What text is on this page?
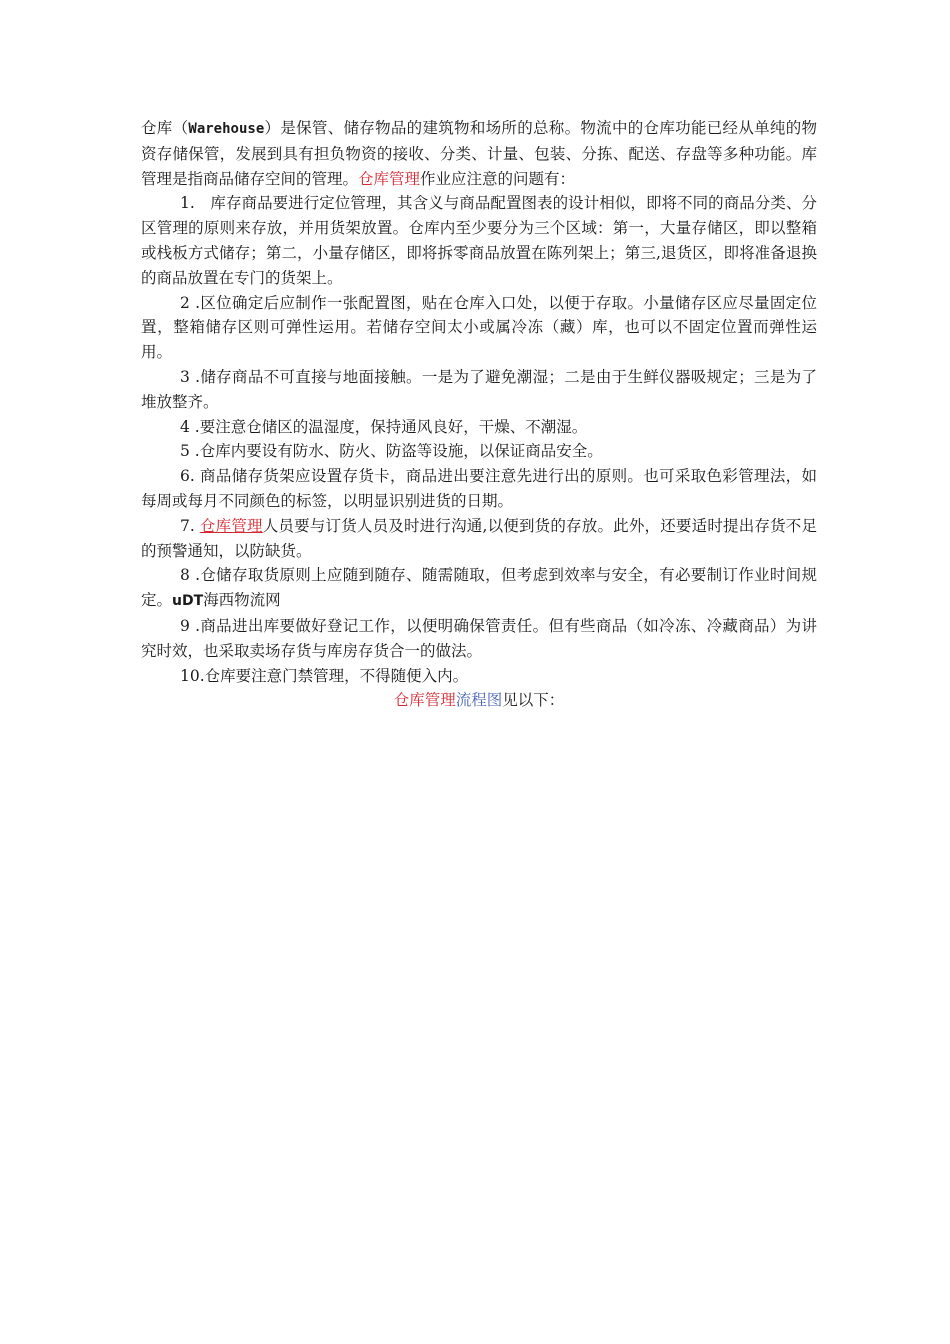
仓库（Warehouse）是保管、储存物品的建筑物和场所的总称。物流中的仓库功能已经从单纯的物资存储保管，发展到具有担负物资的接收、分类、计量、包装、分拣、配送、存盘等多种功能。库管理是指商品储存空间的管理。仓库管理作业应注意的问题有：

1.　库存商品要进行定位管理，其含义与商品配置图表的设计相似，即将不同的商品分类、分区管理的原则来存放，并用货架放置。仓库内至少要分为三个区域：第一，大量存储区，即以整箱或栈板方式储存；第二，小量存储区，即将拆零商品放置在陈列架上；第三,退货区，即将准备退换的商品放置在专门的货架上。

2 .区位确定后应制作一张配置图，贴在仓库入口处，以便于存取。小量储存区应尽量固定位置，整箱储存区则可弹性运用。若储存空间太小或属冷冻（藏）库，也可以不固定位置而弹性运用。

3 .储存商品不可直接与地面接触。一是为了避免潮湿；二是由于生鲜仪器吸规定；三是为了堆放整齐。

4 .要注意仓储区的温湿度，保持通风良好，干燥、不潮湿。

5 .仓库内要设有防水、防火、防盗等设施，以保证商品安全。

6. 商品储存货架应设置存货卡，商品进出要注意先进行出的原则。也可采取色彩管理法，如每周或每月不同颜色的标签，以明显识别进货的日期。

7. 仓库管理人员要与订货人员及时进行沟通,以便到货的存放。此外，还要适时提出存货不足的预警通知，以防缺货。

8 .仓储存取货原则上应随到随存、随需随取，但考虑到效率与安全，有必要制订作业时间规定。uDT海西物流网

9 .商品进出库要做好登记工作，以便明确保管责任。但有些商品（如冷冻、冷藏商品）为讲究时效，也采取卖场存货与库房存货合一的做法。

10.仓库要注意门禁管理，不得随便入内。

仓库管理流程图见以下：
